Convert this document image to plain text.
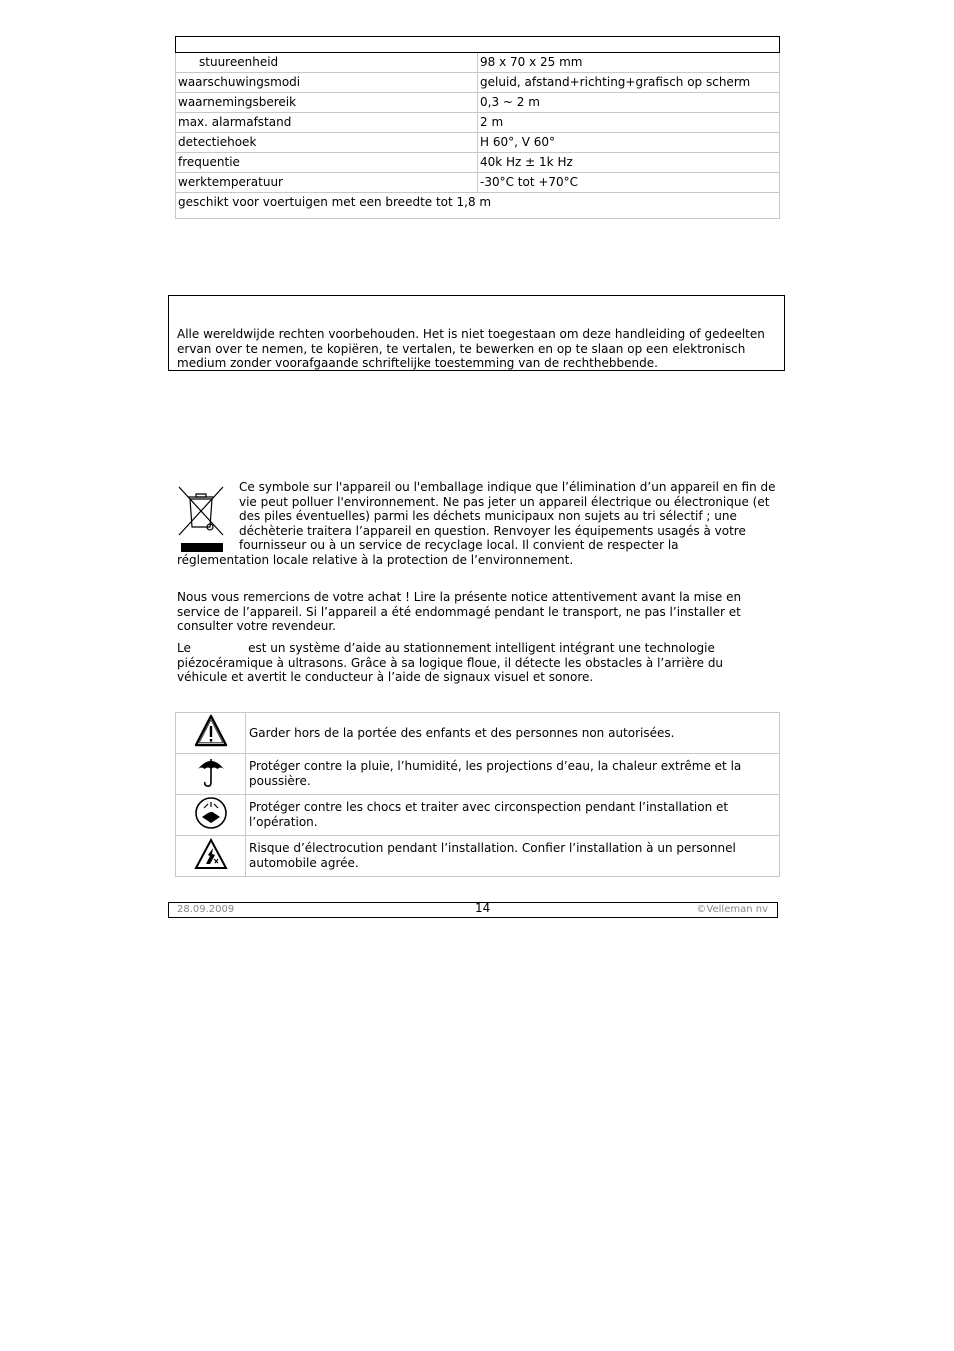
stuureenheid	98 x 70 x 25 mm
waarschuwingsmodi	geluid, afstand+richting+grafisch op scherm
waarnemingsbereik	0,3 ~ 2 m
max. alarmafstand	2 m
detectiehoek	H 60°, V 60°
frequentie	40k Hz ± 1k Hz
werktemperatuur	-30°C tot +70°C
geschikt voor voertuigen met een breedte tot 1,8 m	
Alle wereldwijde rechten voorbehouden. Het is niet toegestaan om deze handleiding of gedeelten
ervan over te nemen, te kopiëren, te vertalen, te bewerken en op te slaan op een elektronisch
medium zonder voorafgaande schriftelijke toestemming van de rechthebbende.
Ce symbole sur l'appareil ou l'emballage indique que l’élimination d’un appareil en fin de
vie peut polluer l'environnement. Ne pas jeter un appareil électrique ou électronique (et
des piles éventuelles) parmi les déchets municipaux non sujets au tri sélectif ; une
déchèterie traitera l’appareil en question. Renvoyer les équipements usagés à votre
fournisseur ou à un service de recyclage local. Il convient de respecter la
réglementation locale relative à la protection de l’environnement.
Nous vous remercions de votre achat ! Lire la présente notice attentivement avant la mise en
service de l’appareil. Si l’appareil a été endommagé pendant le transport, ne pas l’installer et
consulter votre revendeur.
Le               est un système d’aide au stationnement intelligent intégrant une technologie
piézocéramique à ultrasons. Grâce à sa logique floue, il détecte les obstacles à l’arrière du
véhicule et avertit le conducteur à l’aide de signaux visuel et sonore.

Garder hors de la portée des enfants et des personnes non autorisées.

Protéger contre la pluie, l’humidité, les projections d’eau, la chaleur extrême et la
poussière.

Protéger contre les chocs et traiter avec circonspection pendant l’installation et
l’opération.

Risque d’électrocution pendant l’installation. Confier l’installation à un personnel
automobile agrée.
28.09.2009	14	©Velleman nv
